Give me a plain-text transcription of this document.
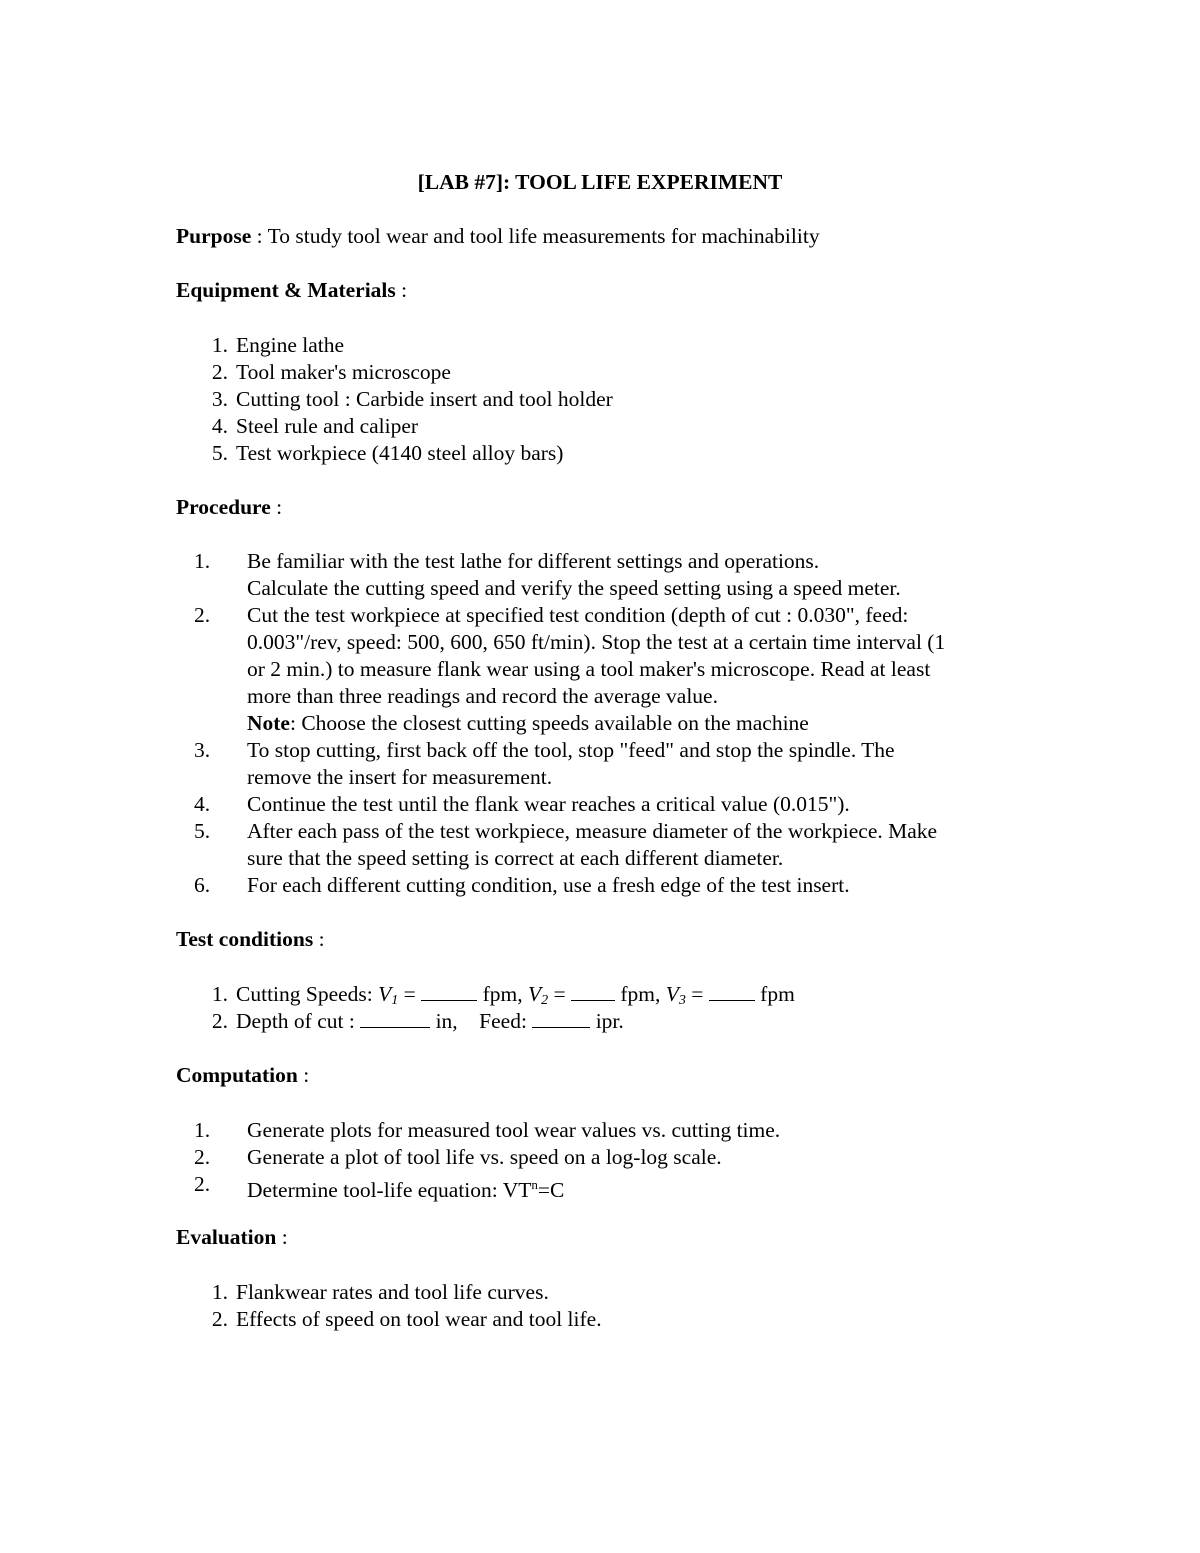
[LAB #7]: TOOL LIFE EXPERIMENT
Purpose : To study tool wear and tool life measurements for machinability
Equipment & Materials :
1. Engine lathe
2. Tool maker's microscope
3. Cutting tool : Carbide insert and tool holder
4. Steel rule and caliper
5. Test workpiece (4140 steel alloy bars)
Procedure :
1.	Be familiar with the test lathe for different settings and operations.
Calculate the cutting speed and verify the speed setting using a speed meter.
2.	Cut the test workpiece at specified test condition (depth of cut : 0.030", feed:
0.003"/rev, speed: 500, 600, 650 ft/min). Stop the test at a certain time interval (1
or 2 min.) to measure flank wear using a tool maker's microscope. Read at least
more than three readings and record the average value.
Note: Choose the closest cutting speeds available on the machine
3.	To stop cutting, first back off the tool, stop "feed" and stop the spindle. The
remove the insert for measurement.
4.	Continue the test until the flank wear reaches a critical value (0.015").
5.	After each pass of the test workpiece, measure diameter of the workpiece. Make
sure that the speed setting is correct at each different diameter.
6.	For each different cutting condition, use a fresh edge of the test insert.
Test conditions :
1. Cutting Speeds: $V_1$ =	fpm, $V_2$ =  fpm, $V_3$ =  fpm
2. Depth of cut :	in,    Feed:	ipr.
Computation :
1.	Generate plots for measured tool wear values vs. cutting time.
2.	Generate a plot of tool life vs. speed on a log-log scale.
2.	Determine tool-life equation: $VT^n=C$
Evaluation :
1. Flankwear rates and tool life curves.
2. Effects of speed on tool wear and tool life.
